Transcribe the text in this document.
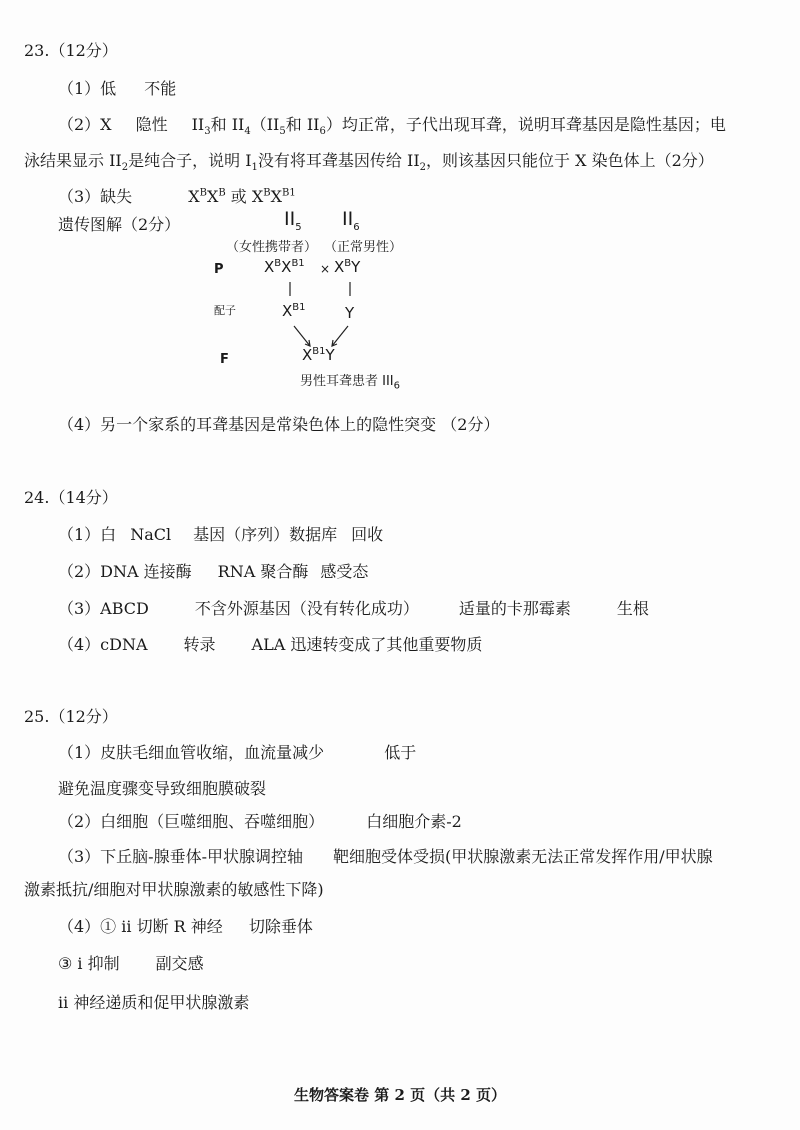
23.（12分）
（1）低 不能
（2）X 隐性 $II_3$和 $II_4(II_5$和 $II_6$）均正常，子代出现耳聋，说明耳聋基因是隐性基因；电
泳结果显示 $II_2$是纯合子，说明 $I_1$没有将耳聋基因传给 $II_2$，则该基因只能位于 X 染色体上（2分）
（3）缺失	$X^BX^B$ 或 $X^BX^{B1}$
遗传图解（2分）	$II_5$ $II_6$
（女性携带者） （正常男性）
P	$X^BX^{B1} \times X^BY$
配子	$X^{B1}$	Y
F	$X^{B1}Y$
男性耳聋患者 $III_6$
（4）另一个家系的耳聋基因是常染色体上的隐性突变 （2分）
24.（14分）
（1）白 NaCl 基因（序列）数据库 回收
（2）DNA 连接酶 RNA 聚合酶 感受态
（3）ABCD	不含外源基因（没有转化成功）	适量的卡那霉素	生根
（4）cDNA 转录 ALA 迅速转变成了其他重要物质
25.（12分）
（1）皮肤毛细血管收缩，血流量减少	低于
避免温度骤变导致细胞膜破裂
（2）白细胞（巨噬细胞、吞噬细胞）	白细胞介素-2
（3）下丘脑-腺垂体-甲状腺调控轴 靶细胞受体受损(甲状腺激素无法正常发挥作用/甲状腺
激素抵抗/细胞对甲状腺激素的敏感性下降)
（4）① ii 切断 R 神经 切除垂体
③ i 抑制 副交感
ii 神经递质和促甲状腺激素
生物答案卷 第 2 页（共 2 页）
